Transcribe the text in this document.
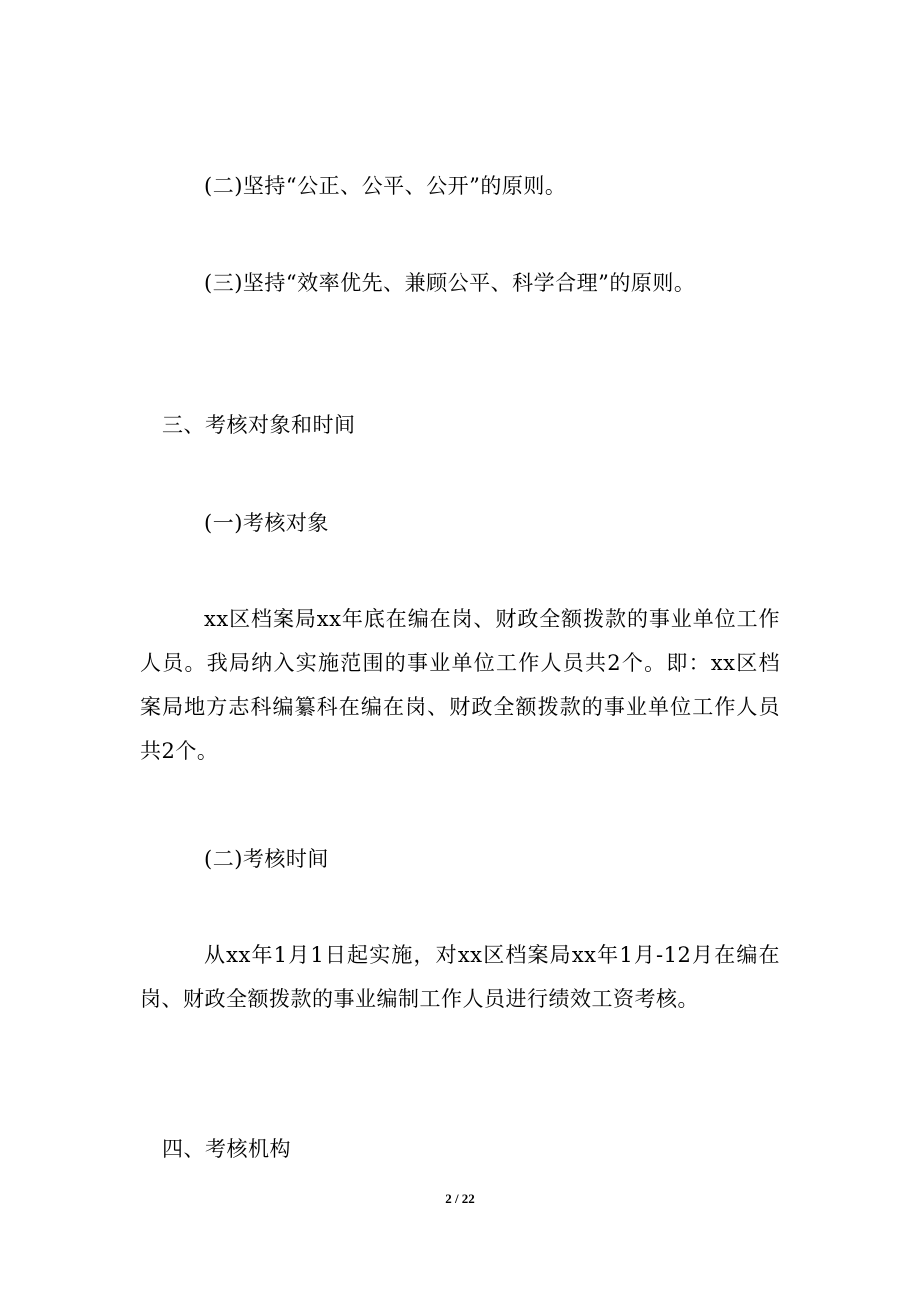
(二)坚持“公正、公平、公开”的原则。
(三)坚持“效率优先、兼顾公平、科学合理”的原则。
三、考核对象和时间
(一)考核对象
xx区档案局xx年底在编在岗、财政全额拨款的事业单位工作人员。我局纳入实施范围的事业单位工作人员共2个。即：xx区档案局地方志科编纂科在编在岗、财政全额拨款的事业单位工作人员共2个。
(二)考核时间
从xx年1月1日起实施，对xx区档案局xx年1月-12月在编在岗、财政全额拨款的事业编制工作人员进行绩效工资考核。
四、考核机构
2 / 22
